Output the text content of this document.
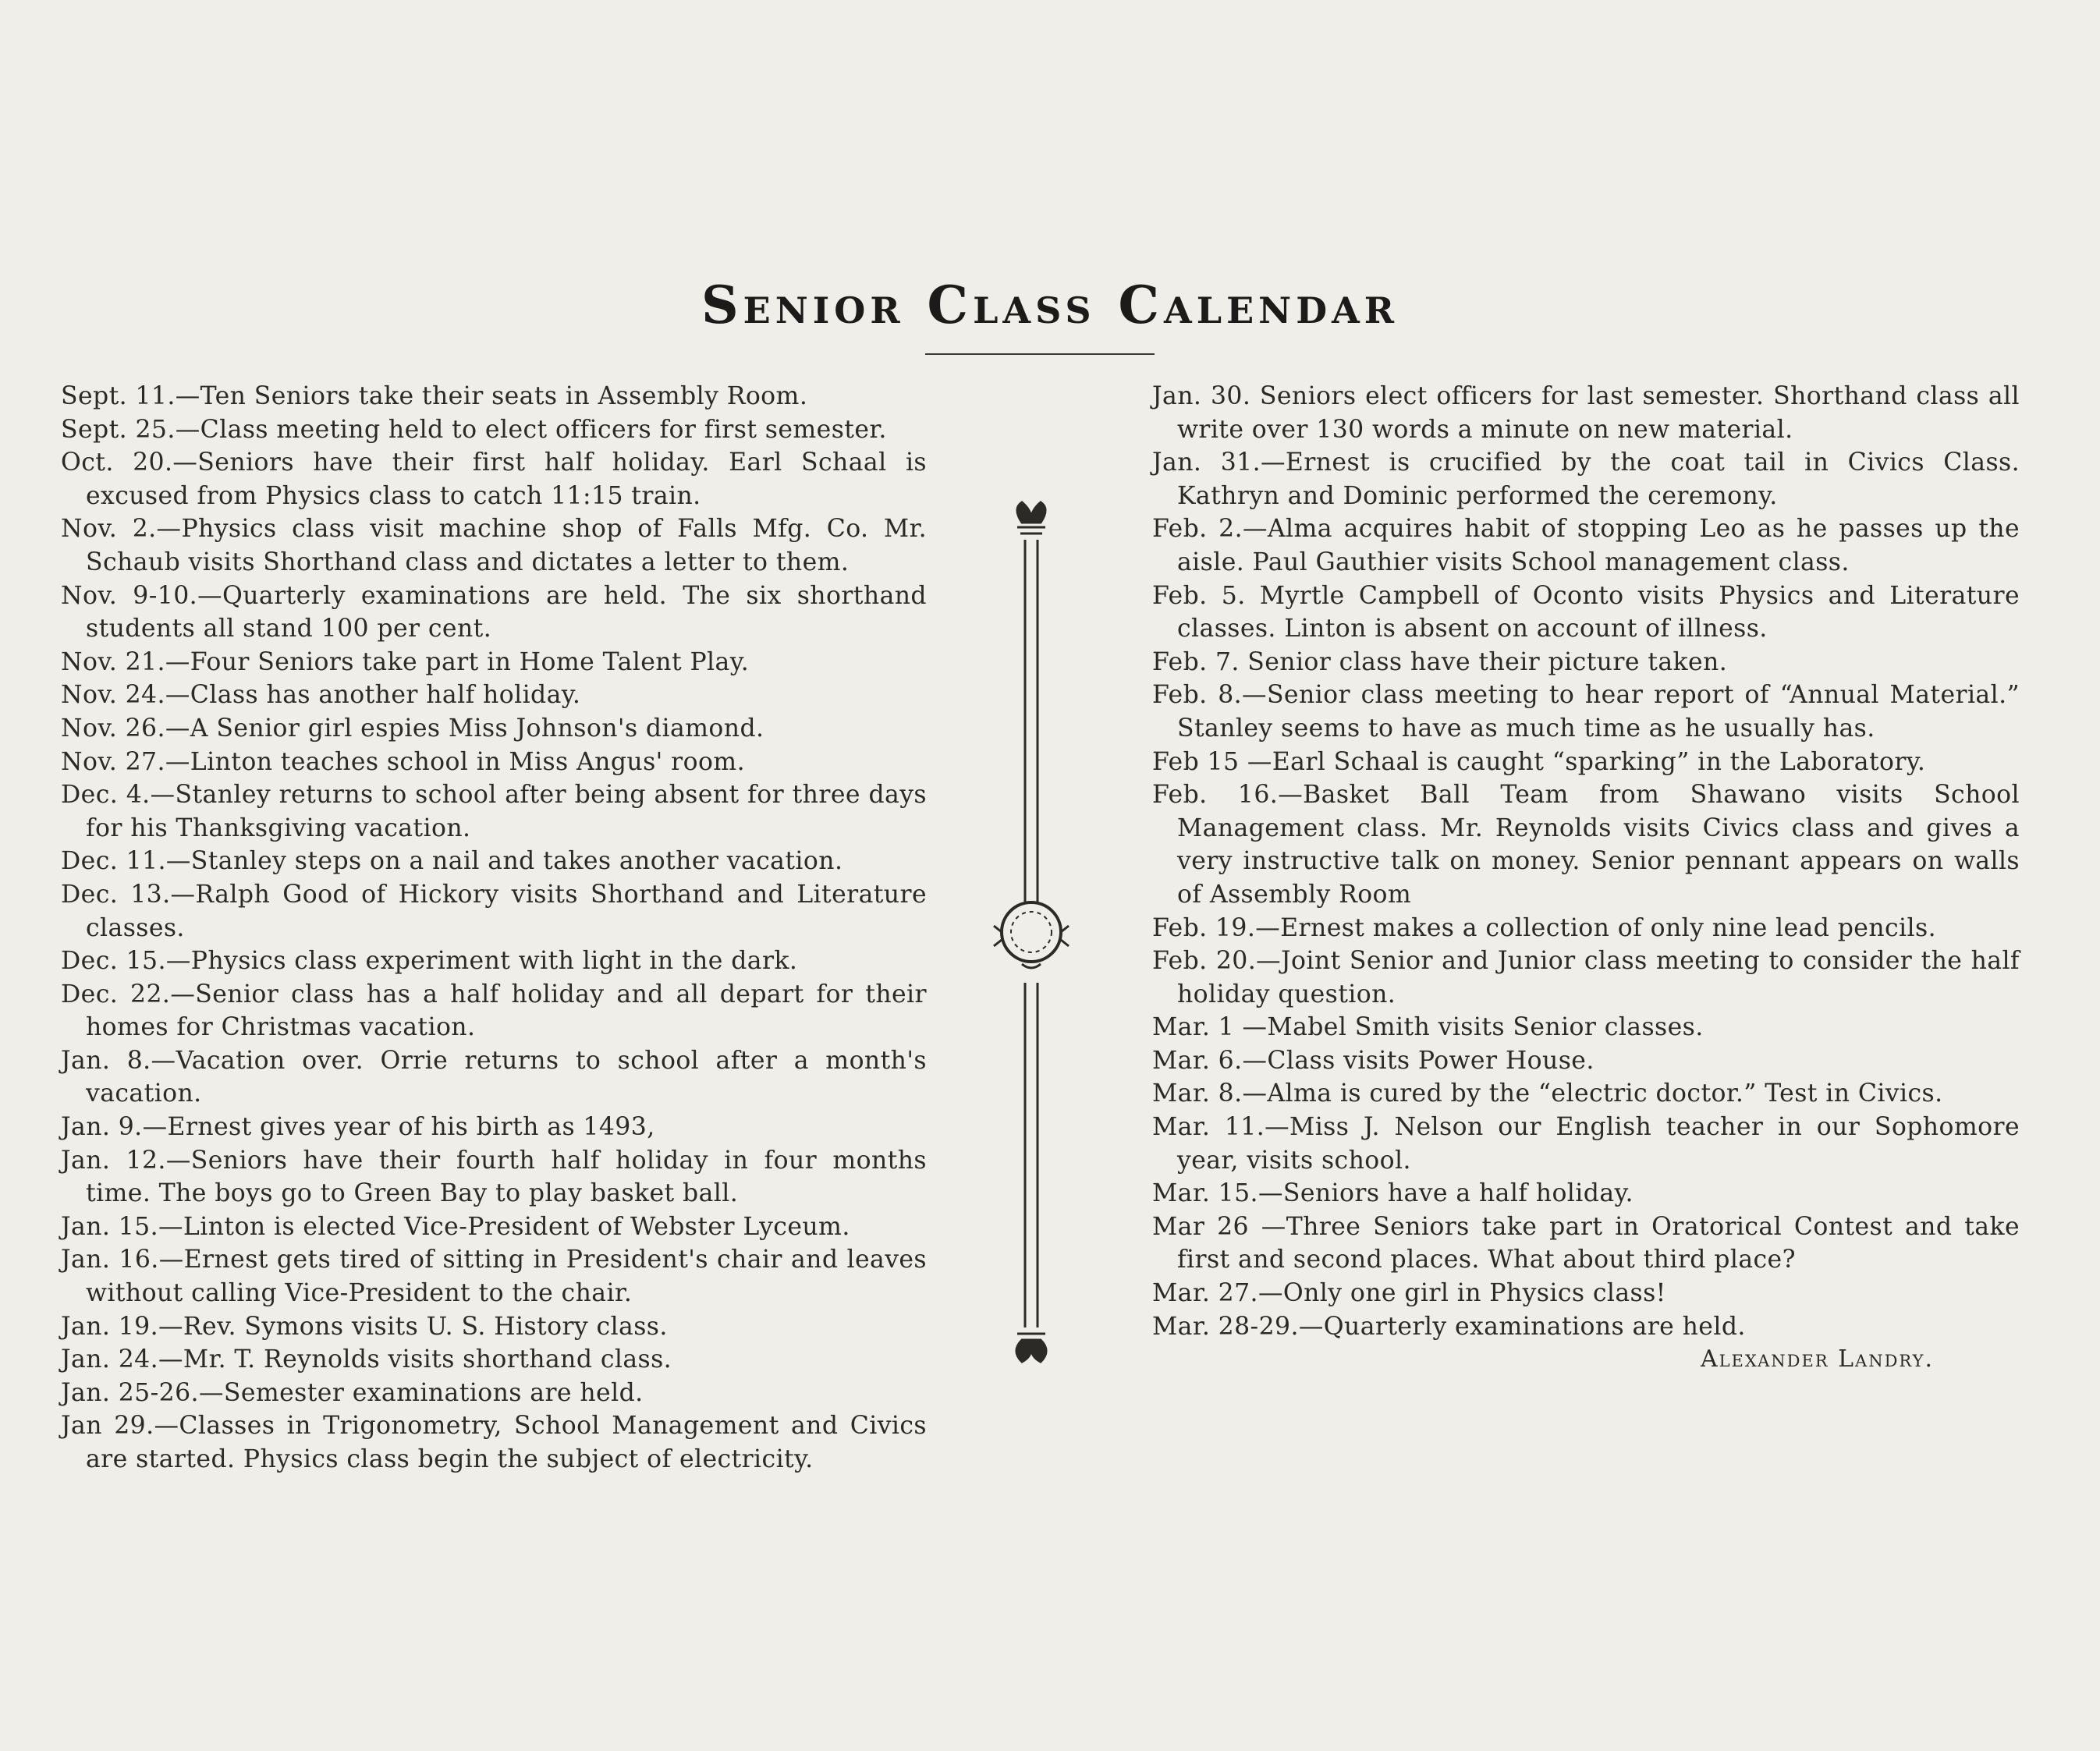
Senior Class Calendar
Sept. 11.—Ten Seniors take their seats in Assembly Room.
Sept. 25.—Class meeting held to elect officers for first semester.
Oct. 20.—Seniors have their first half holiday. Earl Schaal is excused from Physics class to catch 11:15 train.
Nov. 2.—Physics class visit machine shop of Falls Mfg. Co. Mr. Schaub visits Shorthand class and dictates a letter to them.
Nov. 9-10.—Quarterly examinations are held. The six shorthand students all stand 100 per cent.
Nov. 21.—Four Seniors take part in Home Talent Play.
Nov. 24.—Class has another half holiday.
Nov. 26.—A Senior girl espies Miss Johnson's diamond.
Nov. 27.—Linton teaches school in Miss Angus' room.
Dec. 4.—Stanley returns to school after being absent for three days for his Thanksgiving vacation.
Dec. 11.—Stanley steps on a nail and takes another vacation.
Dec. 13.—Ralph Good of Hickory visits Shorthand and Literature classes.
Dec. 15.—Physics class experiment with light in the dark.
Dec. 22.—Senior class has a half holiday and all depart for their homes for Christmas vacation.
Jan. 8.—Vacation over. Orrie returns to school after a month's vacation.
Jan. 9.—Ernest gives year of his birth as 1493,
Jan. 12.—Seniors have their fourth half holiday in four months time. The boys go to Green Bay to play basket ball.
Jan. 15.—Linton is elected Vice-President of Webster Lyceum.
Jan. 16.—Ernest gets tired of sitting in President's chair and leaves without calling Vice-President to the chair.
Jan. 19.—Rev. Symons visits U. S. History class.
Jan. 24.—Mr. T. Reynolds visits shorthand class.
Jan. 25-26.—Semester examinations are held.
Jan 29.—Classes in Trigonometry, School Management and Civics are started. Physics class begin the subject of electricity.
Jan. 30. Seniors elect officers for last semester. Shorthand class all write over 130 words a minute on new material.
Jan. 31.—Ernest is crucified by the coat tail in Civics Class. Kathryn and Dominic performed the ceremony.
Feb. 2.—Alma acquires habit of stopping Leo as he passes up the aisle. Paul Gauthier visits School management class.
Feb. 5. Myrtle Campbell of Oconto visits Physics and Literature classes. Linton is absent on account of illness.
Feb. 7. Senior class have their picture taken.
Feb. 8.—Senior class meeting to hear report of “Annual Material.” Stanley seems to have as much time as he usually has.
Feb 15 —Earl Schaal is caught “sparking” in the Laboratory.
Feb. 16.—Basket Ball Team from Shawano visits School Management class. Mr. Reynolds visits Civics class and gives a very instructive talk on money. Senior pennant appears on walls of Assembly Room
Feb. 19.—Ernest makes a collection of only nine lead pencils.
Feb. 20.—Joint Senior and Junior class meeting to consider the half holiday question.
Mar. 1 —Mabel Smith visits Senior classes.
Mar. 6.—Class visits Power House.
Mar. 8.—Alma is cured by the “electric doctor.” Test in Civics.
Mar. 11.—Miss J. Nelson our English teacher in our Sophomore year, visits school.
Mar. 15.—Seniors have a half holiday.
Mar 26 —Three Seniors take part in Oratorical Contest and take first and second places. What about third place?
Mar. 27.—Only one girl in Physics class!
Mar. 28-29.—Quarterly examinations are held.
Alexander Landry.
